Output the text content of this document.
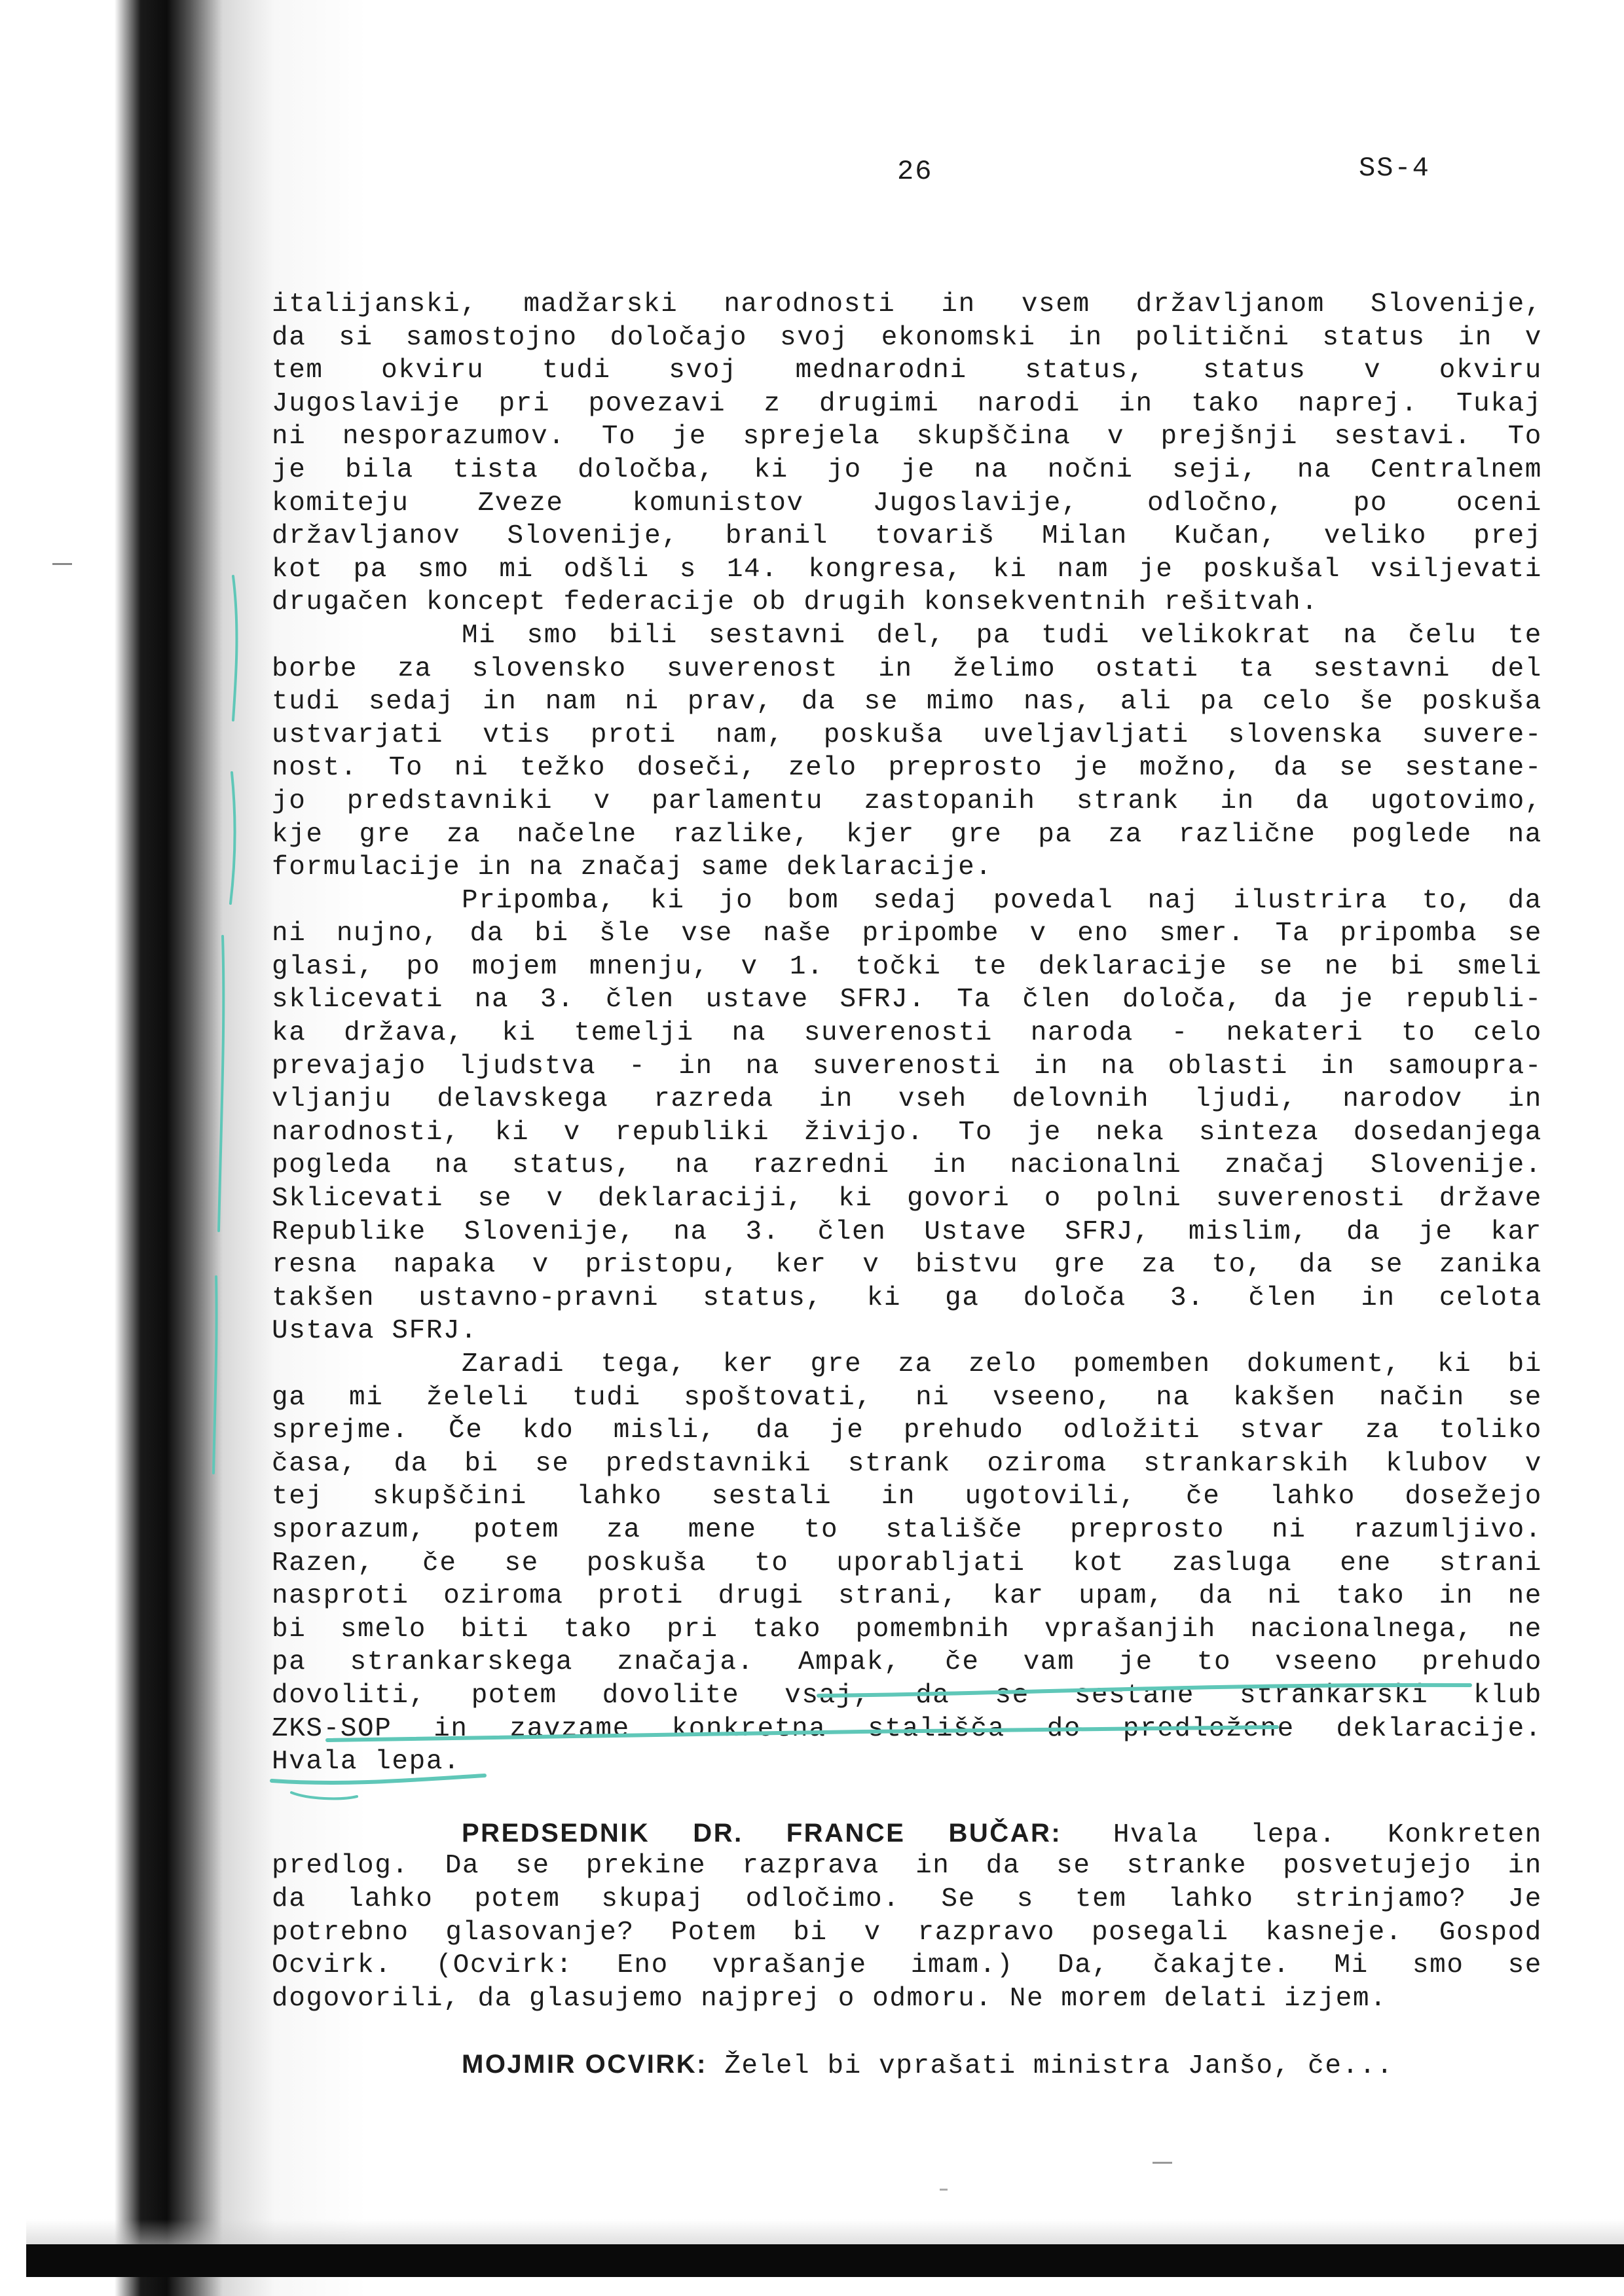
26	SS-4
italijanski, madžarski narodnosti in vsem državljanom Slovenije,
da si samostojno določajo svoj ekonomski in politični status in v
tem okviru tudi svoj mednarodni status, status v okviru
Jugoslavije pri povezavi z drugimi narodi in tako naprej. Tukaj
ni nesporazumov. To je sprejela skupščina v prejšnji sestavi. To
je bila tista določba, ki jo je na nočni seji, na Centralnem
komiteju Zveze komunistov Jugoslavije, odločno, po oceni
državljanov Slovenije, branil tovariš Milan Kučan, veliko prej
kot pa smo mi odšli s 14. kongresa, ki nam je poskušal vsiljevati
drugačen koncept federacije ob drugih konsekventnih rešitvah.
Mi smo bili sestavni del, pa tudi velikokrat na čelu te
borbe za slovensko suverenost in želimo ostati ta sestavni del
tudi sedaj in nam ni prav, da se mimo nas, ali pa celo še poskuša
ustvarjati vtis proti nam, poskuša uveljavljati slovenska suvere-
nost. To ni težko doseči, zelo preprosto je možno, da se sestane-
jo predstavniki v parlamentu zastopanih strank in da ugotovimo,
kje gre za načelne razlike, kjer gre pa za različne poglede na
formulacije in na značaj same deklaracije.
Pripomba, ki jo bom sedaj povedal naj ilustrira to, da
ni nujno, da bi šle vse naše pripombe v eno smer. Ta pripomba se
glasi, po mojem mnenju, v 1. točki te deklaracije se ne bi smeli
sklicevati na 3. člen ustave SFRJ. Ta člen določa, da je republi-
ka država, ki temelji na suverenosti naroda - nekateri to celo
prevajajo ljudstva - in na suverenosti in na oblasti in samoupra-
vljanju delavskega razreda in vseh delovnih ljudi, narodov in
narodnosti, ki v republiki živijo. To je neka sinteza dosedanjega
pogleda na status, na razredni in nacionalni značaj Slovenije.
Sklicevati se v deklaraciji, ki govori o polni suverenosti države
Republike Slovenije, na 3. člen Ustave SFRJ, mislim, da je kar
resna napaka v pristopu, ker v bistvu gre za to, da se zanika
takšen ustavno-pravni status, ki ga določa 3. člen in celota
Ustava SFRJ.
Zaradi tega, ker gre za zelo pomemben dokument, ki bi
ga mi želeli tudi spoštovati, ni vseeno, na kakšen način se
sprejme. Če kdo misli, da je prehudo odložiti stvar za toliko
časa, da bi se predstavniki strank oziroma strankarskih klubov v
tej skupščini lahko sestali in ugotovili, če lahko dosežejo
sporazum, potem za mene to stališče preprosto ni razumljivo.
Razen, če se poskuša to uporabljati kot zasluga ene strani
nasproti oziroma proti drugi strani, kar upam, da ni tako in ne
bi smelo biti tako pri tako pomembnih vprašanjih nacionalnega, ne
pa strankarskega značaja. Ampak, če vam je to vseeno prehudo
dovoliti, potem dovolite vsaj, da se sestane strankarski klub
ZKS-SOP in zavzame konkretna stališča do predložene deklaracije.
Hvala lepa.
PREDSEDNIK DR. FRANCE BUČAR: Hvala lepa. Konkreten
predlog. Da se prekine razprava in da se stranke posvetujejo in
da lahko potem skupaj odločimo. Se s tem lahko strinjamo? Je
potrebno glasovanje? Potem bi v razpravo posegali kasneje. Gospod
Ocvirk. (Ocvirk: Eno vprašanje imam.) Da, čakajte. Mi smo se
dogovorili, da glasujemo najprej o odmoru. Ne morem delati izjem.
MOJMIR OCVIRK: Želel bi vprašati ministra Janšo, če...
